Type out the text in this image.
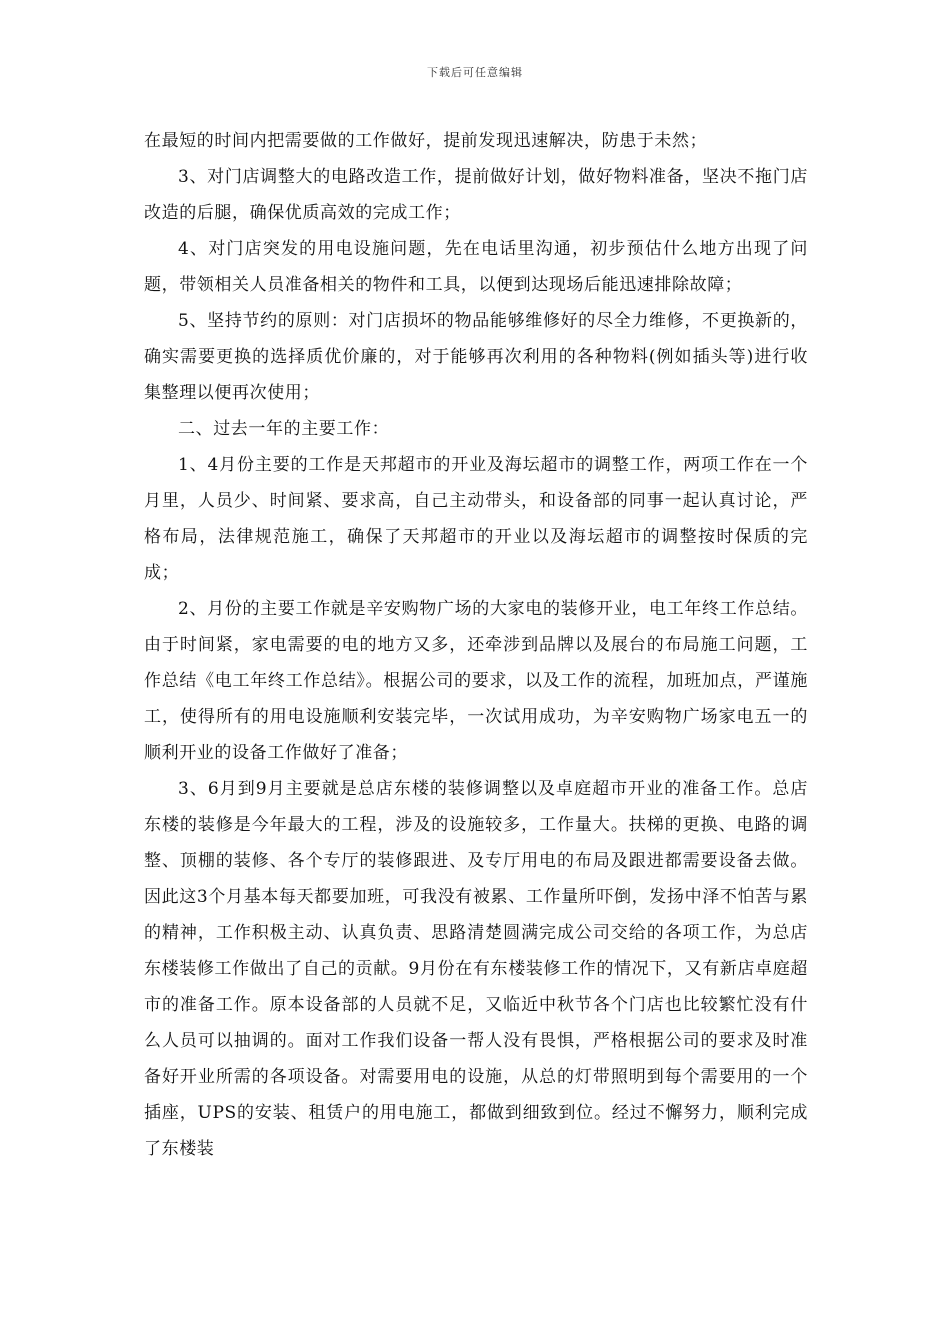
下载后可任意编辑

在最短的时间内把需要做的工作做好，提前发现迅速解决，防患于未然；

3、对门店调整大的电路改造工作，提前做好计划，做好物料准备，坚决不拖门店改造的后腿，确保优质高效的完成工作；

4、对门店突发的用电设施问题，先在电话里沟通，初步预估什么地方出现了问题，带领相关人员准备相关的物件和工具，以便到达现场后能迅速排除故障；

5、坚持节约的原则：对门店损坏的物品能够维修好的尽全力维修，不更换新的，确实需要更换的选择质优价廉的，对于能够再次利用的各种物料(例如插头等)进行收集整理以便再次使用；

二、过去一年的主要工作：

1、4月份主要的工作是天邦超市的开业及海坛超市的调整工作，两项工作在一个月里，人员少、时间紧、要求高，自己主动带头，和设备部的同事一起认真讨论，严格布局，法律规范施工，确保了天邦超市的开业以及海坛超市的调整按时保质的完成；

2、月份的主要工作就是辛安购物广场的大家电的装修开业，电工年终工作总结。由于时间紧，家电需要的电的地方又多，还牵涉到品牌以及展台的布局施工问题，工作总结《电工年终工作总结》。根据公司的要求，以及工作的流程，加班加点，严谨施工，使得所有的用电设施顺利安装完毕，一次试用成功，为辛安购物广场家电五一的顺利开业的设备工作做好了准备；

3、6月到9月主要就是总店东楼的装修调整以及卓庭超市开业的准备工作。总店东楼的装修是今年最大的工程，涉及的设施较多，工作量大。扶梯的更换、电路的调整、顶棚的装修、各个专厅的装修跟进、及专厅用电的布局及跟进都需要设备去做。因此这3个月基本每天都要加班，可我没有被累、工作量所吓倒，发扬中泽不怕苦与累的精神，工作积极主动、认真负责、思路清楚圆满完成公司交给的各项工作，为总店东楼装修工作做出了自己的贡献。9月份在有东楼装修工作的情况下，又有新店卓庭超市的准备工作。原本设备部的人员就不足，又临近中秋节各个门店也比较繁忙没有什么人员可以抽调的。面对工作我们设备一帮人没有畏惧，严格根据公司的要求及时准备好开业所需的各项设备。对需要用电的设施，从总的灯带照明到每个需要用的一个插座，UPS的安装、租赁户的用电施工，都做到细致到位。经过不懈努力，顺利完成了东楼装
